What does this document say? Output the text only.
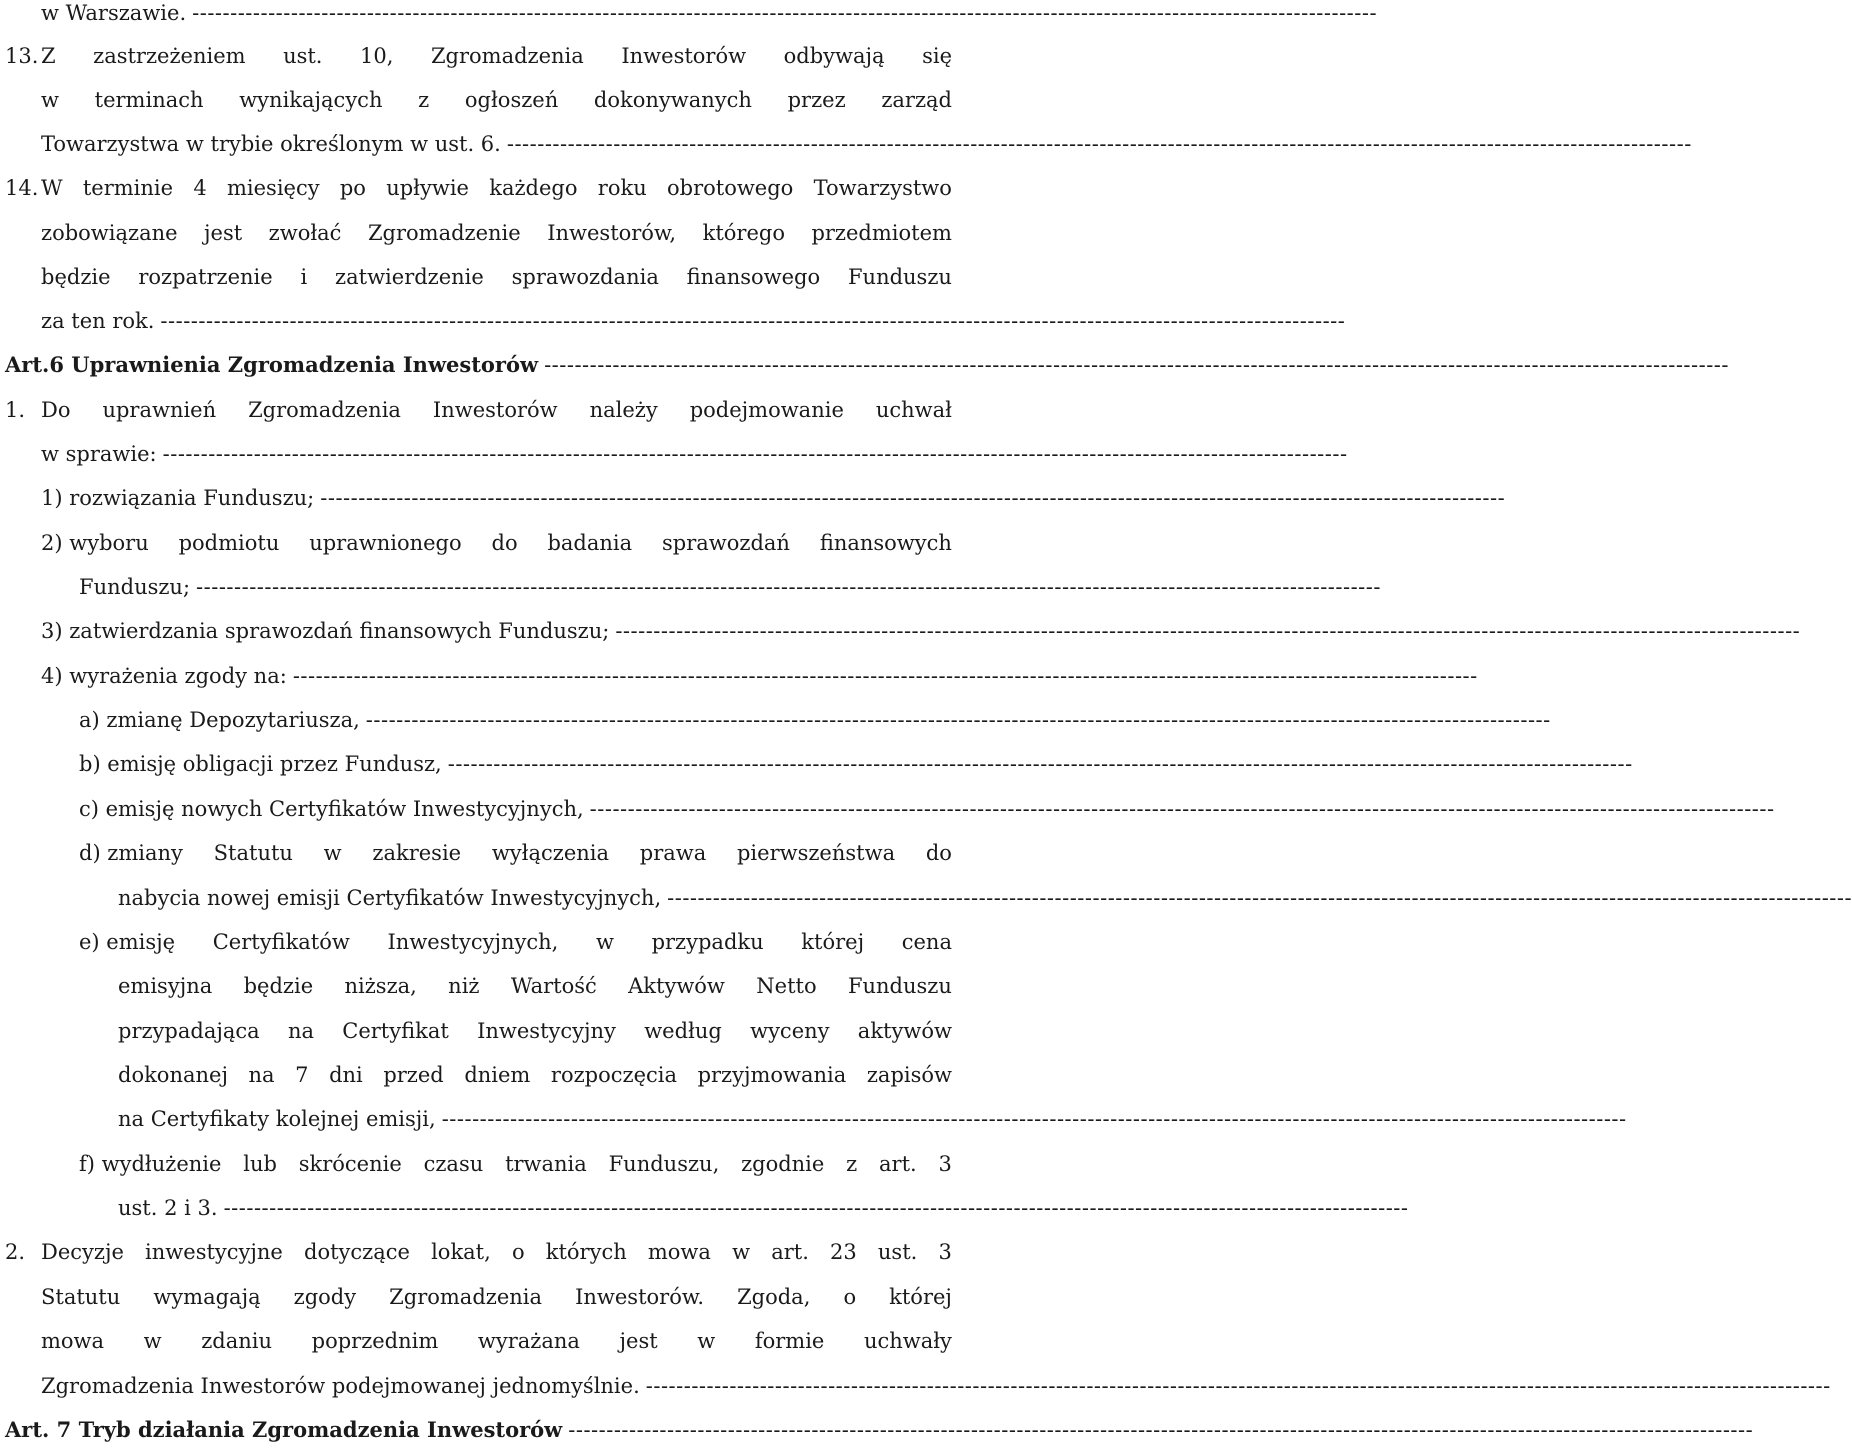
w Warszawie. ------------------------------------------------------------------------------------------------------------------------------------------------------------
13. Z zastrzeżeniem ust. 10, Zgromadzenia Inwestorów odbywają się
w terminach wynikających z ogłoszeń dokonywanych przez zarząd
Towarzystwa w trybie określonym w ust. 6. ------------------------------------------------------------------------------------------------------------------------------------------------------------
14. W terminie 4 miesięcy po upływie każdego roku obrotowego Towarzystwo
zobowiązane jest zwołać Zgromadzenie Inwestorów, którego przedmiotem
będzie rozpatrzenie i zatwierdzenie sprawozdania finansowego Funduszu
za ten rok. ------------------------------------------------------------------------------------------------------------------------------------------------------------
Art.6 Uprawnienia Zgromadzenia Inwestorów ------------------------------------------------------------------------------------------------------------------------------------------------------------
1. Do uprawnień Zgromadzenia Inwestorów należy podejmowanie uchwał
w sprawie: ------------------------------------------------------------------------------------------------------------------------------------------------------------
1) rozwiązania Funduszu; ------------------------------------------------------------------------------------------------------------------------------------------------------------
2) wyboru podmiotu uprawnionego do badania sprawozdań finansowych
Funduszu; ------------------------------------------------------------------------------------------------------------------------------------------------------------
3) zatwierdzania sprawozdań finansowych Funduszu; ------------------------------------------------------------------------------------------------------------------------------------------------------------
4) wyrażenia zgody na: ------------------------------------------------------------------------------------------------------------------------------------------------------------
a) zmianę Depozytariusza, ------------------------------------------------------------------------------------------------------------------------------------------------------------
b) emisję obligacji przez Fundusz, ------------------------------------------------------------------------------------------------------------------------------------------------------------
c) emisję nowych Certyfikatów Inwestycyjnych, ------------------------------------------------------------------------------------------------------------------------------------------------------------
d) zmiany Statutu w zakresie wyłączenia prawa pierwszeństwa do
nabycia nowej emisji Certyfikatów Inwestycyjnych, ------------------------------------------------------------------------------------------------------------------------------------------------------------
e) emisję Certyfikatów Inwestycyjnych, w przypadku której cena
emisyjna będzie niższa, niż Wartość Aktywów Netto Funduszu
przypadająca na Certyfikat Inwestycyjny według wyceny aktywów
dokonanej na 7 dni przed dniem rozpoczęcia przyjmowania zapisów
na Certyfikaty kolejnej emisji, ------------------------------------------------------------------------------------------------------------------------------------------------------------
f) wydłużenie lub skrócenie czasu trwania Funduszu, zgodnie z art. 3
ust. 2 i 3. ------------------------------------------------------------------------------------------------------------------------------------------------------------
2. Decyzje inwestycyjne dotyczące lokat, o których mowa w art. 23 ust. 3
Statutu wymagają zgody Zgromadzenia Inwestorów. Zgoda, o której
mowa w zdaniu poprzednim wyrażana jest w formie uchwały
Zgromadzenia Inwestorów podejmowanej jednomyślnie. ------------------------------------------------------------------------------------------------------------------------------------------------------------
Art. 7 Tryb działania Zgromadzenia Inwestorów ------------------------------------------------------------------------------------------------------------------------------------------------------------
